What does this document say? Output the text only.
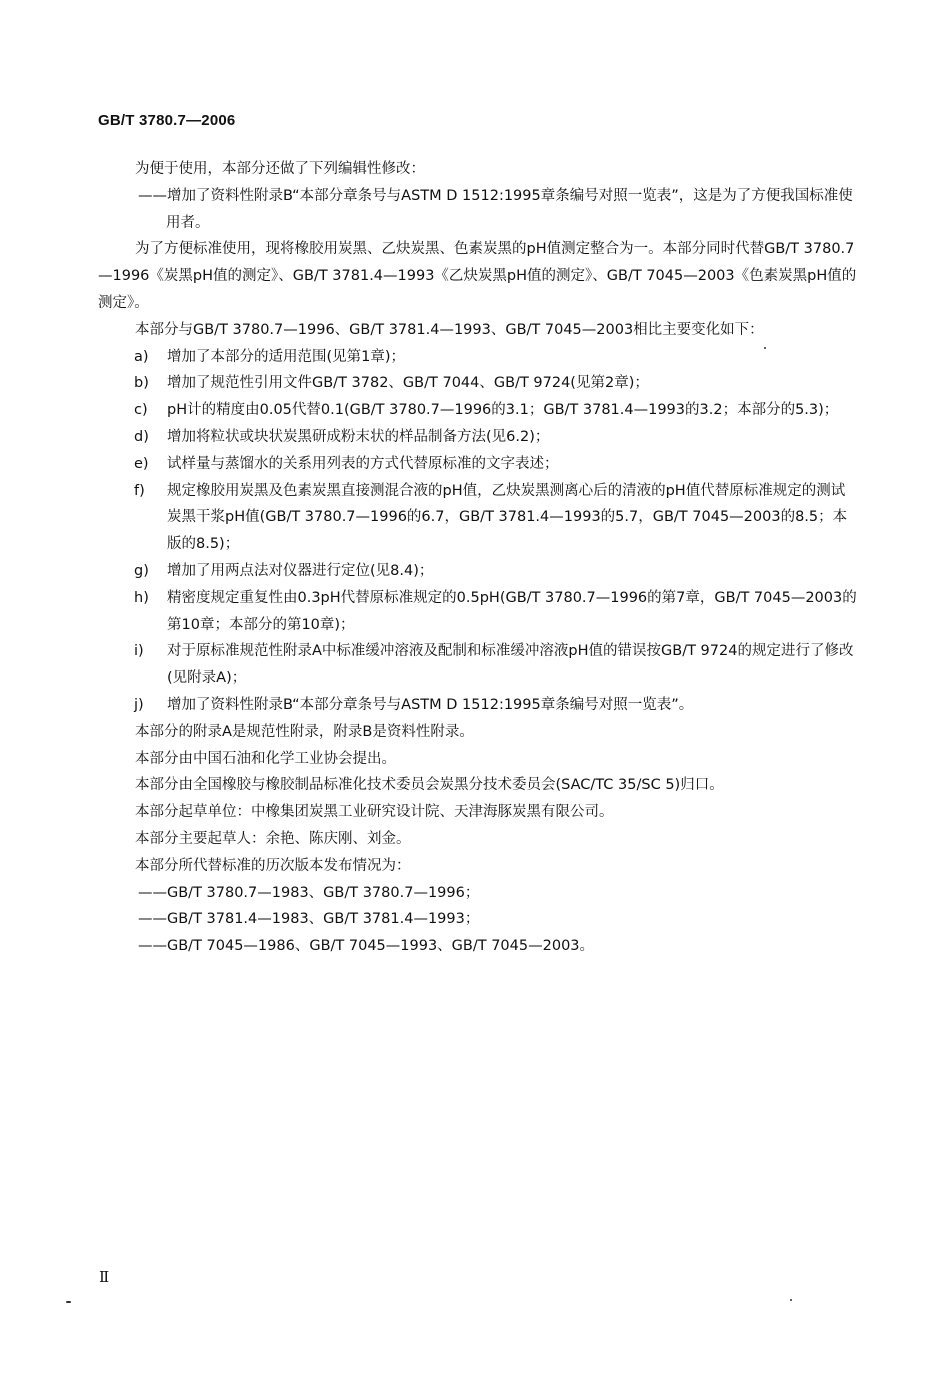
GB/T 3780.7—2006

为便于使用，本部分还做了下列编辑性修改：

——增加了资料性附录B“本部分章条号与ASTM D 1512:1995章条编号对照一览表”，这是为了方便我国标准使用者。

为了方便标准使用，现将橡胶用炭黑、乙炔炭黑、色素炭黑的pH值测定整合为一。本部分同时代替GB/T 3780.7—1996《炭黑pH值的测定》、GB/T 3781.4—1993《乙炔炭黑pH值的测定》、GB/T 7045—2003《色素炭黑pH值的测定》。

本部分与GB/T 3780.7—1996、GB/T 3781.4—1993、GB/T 7045—2003相比主要变化如下：

a)	增加了本部分的适用范围(见第1章)；
b)	增加了规范性引用文件GB/T 3782、GB/T 7044、GB/T 9724(见第2章)；
c)	pH计的精度由0.05代替0.1(GB/T 3780.7—1996的3.1；GB/T 3781.4—1993的3.2；本部分的5.3)；
d)	增加将粒状或块状炭黑研成粉末状的样品制备方法(见6.2)；
e)	试样量与蒸馏水的关系用列表的方式代替原标准的文字表述；
f)	规定橡胶用炭黑及色素炭黑直接测混合液的pH值，乙炔炭黑测离心后的清液的pH值代替原标准规定的测试炭黑干浆pH值(GB/T 3780.7—1996的6.7，GB/T 3781.4—1993的5.7，GB/T 7045—2003的8.5；本版的8.5)；
g)	增加了用两点法对仪器进行定位(见8.4)；
h)	精密度规定重复性由0.3pH代替原标准规定的0.5pH(GB/T 3780.7—1996的第7章，GB/T 7045—2003的第10章；本部分的第10章)；
i)	对于原标准规范性附录A中标准缓冲溶液及配制和标准缓冲溶液pH值的错误按GB/T 9724的规定进行了修改(见附录A)；
j)	增加了资料性附录B“本部分章条号与ASTM D 1512:1995章条编号对照一览表”。

本部分的附录A是规范性附录，附录B是资料性附录。

本部分由中国石油和化学工业协会提出。

本部分由全国橡胶与橡胶制品标准化技术委员会炭黑分技术委员会(SAC/TC 35/SC 5)归口。

本部分起草单位：中橡集团炭黑工业研究设计院、天津海豚炭黑有限公司。

本部分主要起草人：余艳、陈庆刚、刘金。

本部分所代替标准的历次版本发布情况为：

——GB/T 3780.7—1983、GB/T 3780.7—1996；

——GB/T 3781.4—1983、GB/T 3781.4—1993；

——GB/T 7045—1986、GB/T 7045—1993、GB/T 7045—2003。

Ⅱ
